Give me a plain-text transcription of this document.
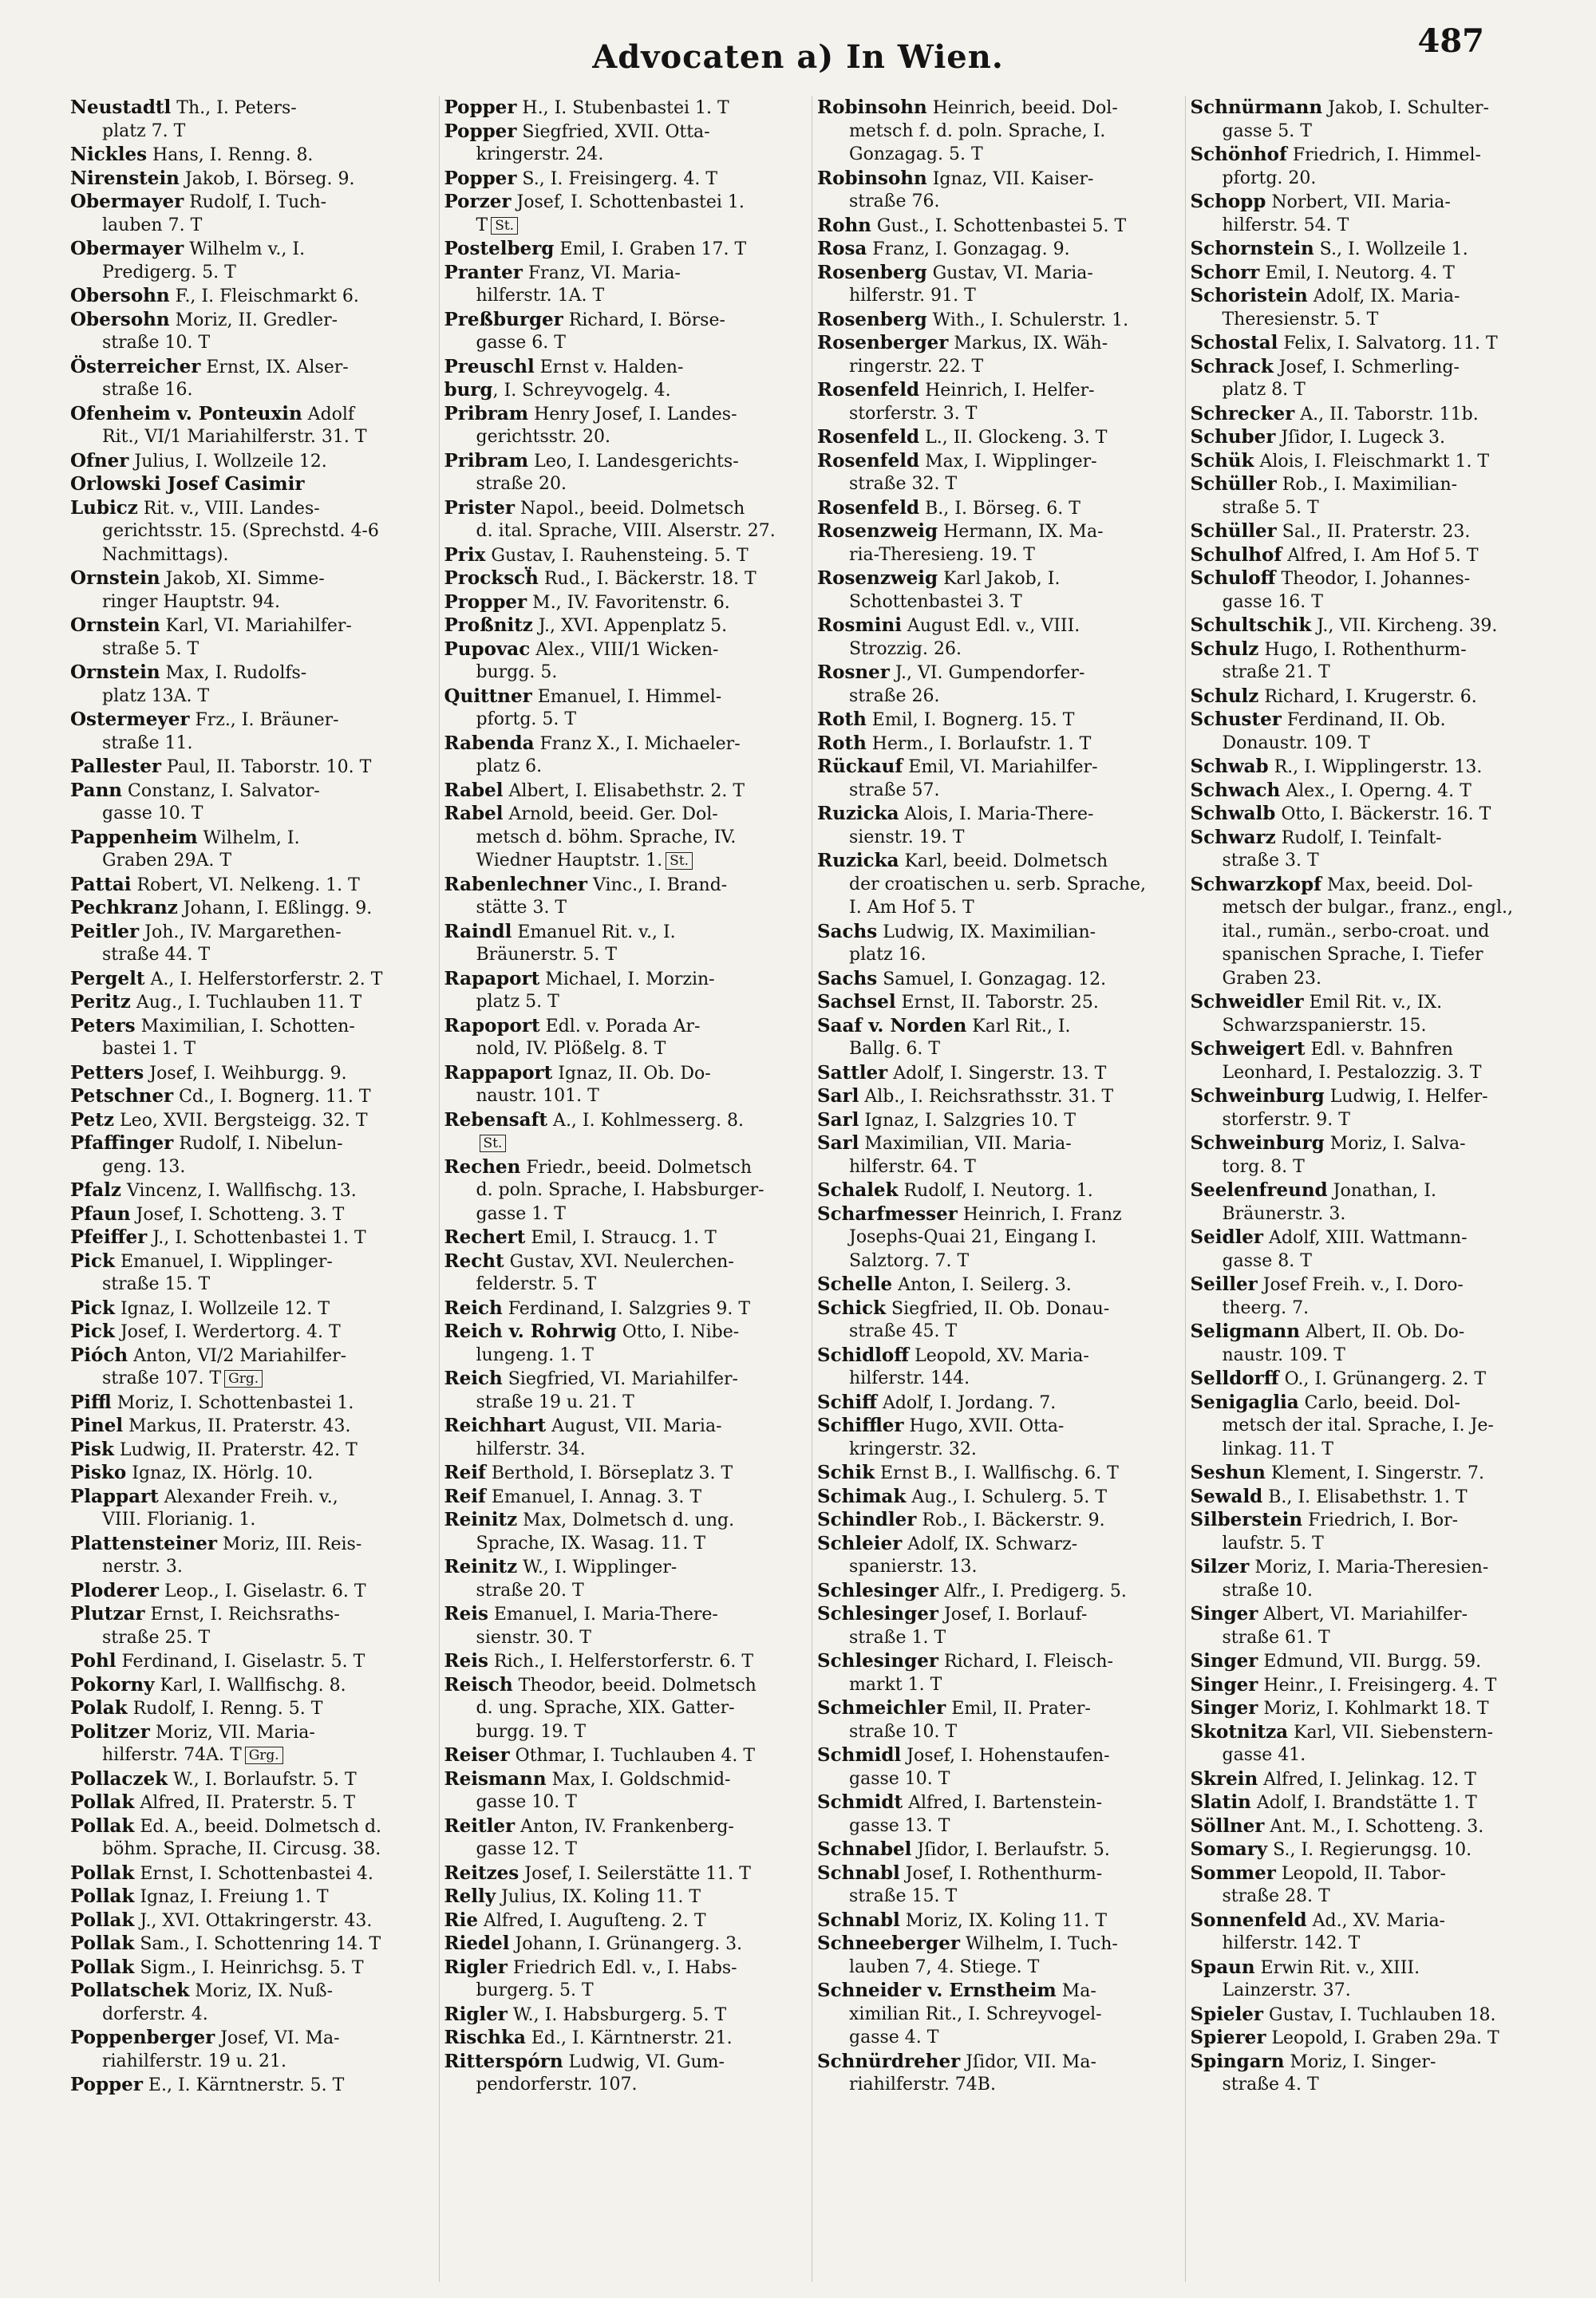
Advocaten a) In Wien.	487
Neustadtl Th., I. Peters-
platz 7. T
Nickles Hans, I. Renng. 8.
Nirenstein Jakob, I. Börseg. 9.
Obermayer Rudolf, I. Tuch-
lauben 7. T
Obermayer Wilhelm v., I.
Predigerg. 5. T
Obersohn F., I. Fleischmarkt 6.
Obersohn Moriz, II. Gredler-
straße 10. T
Österreicher Ernst, IX. Alser-
straße 16.
Ofenheim v. Ponteuxin Adolf
Rit., VI/1 Mariahilferstr. 31. T
Ofner Julius, I. Wollzeile 12.
Orlowski Josef Casimir
Lubicz Rit. v., VIII. Landes-
gerichtsstr. 15. (Sprechstd. 4-6
Nachmittags).
Ornstein Jakob, XI. Simme-
ringer Hauptstr. 94.
Ornstein Karl, VI. Mariahilfer-
straße 5. T
Ornstein Max, I. Rudolfs-
platz 13A. T
Ostermeyer Frz., I. Bräuner-
straße 11.
Pallester Paul, II. Taborstr. 10. T
Pann Constanz, I. Salvator-
gasse 10. T
Pappenheim Wilhelm, I.
Graben 29A. T
Pattai Robert, VI. Nelkeng. 1. T
Pechkranz Johann, I. Eßlingg. 9.
Peitler Joh., IV. Margarethen-
straße 44. T
Pergelt A., I. Helferstorferstr. 2. T
Peritz Aug., I. Tuchlauben 11. T
Peters Maximilian, I. Schotten-
bastei 1. T
Petters Josef, I. Weihburgg. 9.
Petschner Cd., I. Bognerg. 11. T
Petz Leo, XVII. Bergsteigg. 32. T
Pfaffinger Rudolf, I. Nibelun-
geng. 13.
Pfalz Vincenz, I. Wallfischg. 13.
Pfaun Josef, I. Schotteng. 3. T
Pfeiffer J., I. Schottenbastei 1. T
Pick Emanuel, I. Wipplinger-
straße 15. T
Pick Ignaz, I. Wollzeile 12. T
Pick Josef, I. Werdertorg. 4. T
Pióch Anton, VI/2 Mariahilfer-
straße 107. T Grg.
Piffl Moriz, I. Schottenbastei 1.
Pinel Markus, II. Praterstr. 43.
Pisk Ludwig, II. Praterstr. 42. T
Pisko Ignaz, IX. Hörlg. 10.
Plappart Alexander Freih. v.,
VIII. Florianig. 1.
Plattensteiner Moriz, III. Reis-
nerstr. 3.
Ploderer Leop., I. Giselastr. 6. T
Plutzar Ernst, I. Reichsraths-
straße 25. T
Pohl Ferdinand, I. Giselastr. 5. T
Pokorny Karl, I. Wallfischg. 8.
Polak Rudolf, I. Renng. 5. T
Politzer Moriz, VII. Maria-
hilferstr. 74A. T Grg.
Pollaczek W., I. Borlaufstr. 5. T
Pollak Alfred, II. Praterstr. 5. T
Pollak Ed. A., beeid. Dolmetsch d.
böhm. Sprache, II. Circusg. 38.
Pollak Ernst, I. Schottenbastei 4.
Pollak Ignaz, I. Freiung 1. T
Pollak J., XVI. Ottakringerstr. 43.
Pollak Sam., I. Schottenring 14. T
Pollak Sigm., I. Heinrichsg. 5. T
Pollatschek Moriz, IX. Nuß-
dorferstr. 4.
Poppenberger Josef, VI. Ma-
riahilferstr. 19 u. 21.
Popper E., I. Kärntnerstr. 5. T
Popper H., I. Stubenbastei 1. T
Popper Siegfried, XVII. Otta-
kringerstr. 24.
Popper S., I. Freisingerg. 4. T
Porzer Josef, I. Schottenbastei 1.
T St.
Postelberg Emil, I. Graben 17. T
Pranter Franz, VI. Maria-
hilferstr. 1A. T
Preßburger Richard, I. Börse-
gasse 6. T
Preuschl Ernst v. Halden-
burg, I. Schreyvogelg. 4.
Pribram Henry Josef, I. Landes-
gerichtsstr. 20.
Pribram Leo, I. Landesgerichts-
straße 20.
Prister Napol., beeid. Dolmetsch
d. ital. Sprache, VIII. Alserstr. 27.
Prix Gustav, I. Rauhensteing. 5. T
Prockscḧ Rud., I. Bäckerstr. 18. T
Propper M., IV. Favoritenstr. 6.
Proßnitz J., XVI. Appenplatz 5.
Pupovac Alex., VIII/1 Wicken-
burgg. 5.
Quittner Emanuel, I. Himmel-
pfortg. 5. T
Rabenda Franz X., I. Michaeler-
platz 6.
Rabel Albert, I. Elisabethstr. 2. T
Rabel Arnold, beeid. Ger. Dol-
metsch d. böhm. Sprache, IV.
Wiedner Hauptstr. 1. St.
Rabenlechner Vinc., I. Brand-
stätte 3. T
Raindl Emanuel Rit. v., I.
Bräunerstr. 5. T
Rapaport Michael, I. Morzin-
platz 5. T
Rapoport Edl. v. Porada Ar-
nold, IV. Plößelg. 8. T
Rappaport Ignaz, II. Ob. Do-
naustr. 101. T
Rebensaft A., I. Kohlmesserg. 8.
St.
Rechen Friedr., beeid. Dolmetsch
d. poln. Sprache, I. Habsburger-
gasse 1. T
Rechert Emil, I. Straucg. 1. T
Recht Gustav, XVI. Neulerchen-
felderstr. 5. T
Reich Ferdinand, I. Salzgries 9. T
Reich v. Rohrwig Otto, I. Nibe-
lungeng. 1. T
Reich Siegfried, VI. Mariahilfer-
straße 19 u. 21. T
Reichhart August, VII. Maria-
hilferstr. 34.
Reif Berthold, I. Börseplatz 3. T
Reif Emanuel, I. Annag. 3. T
Reinitz Max, Dolmetsch d. ung.
Sprache, IX. Wasag. 11. T
Reinitz W., I. Wipplinger-
straße 20. T
Reis Emanuel, I. Maria-There-
sienstr. 30. T
Reis Rich., I. Helferstorferstr. 6. T
Reisch Theodor, beeid. Dolmetsch
d. ung. Sprache, XIX. Gatter-
burgg. 19. T
Reiser Othmar, I. Tuchlauben 4. T
Reismann Max, I. Goldschmid-
gasse 10. T
Reitler Anton, IV. Frankenberg-
gasse 12. T
Reitzes Josef, I. Seilerstätte 11. T
Relly Julius, IX. Koling 11. T
Rie Alfred, I. Auguſteng. 2. T
Riedel Johann, I. Grünangerg. 3.
Rigler Friedrich Edl. v., I. Habs-
burgerg. 5. T
Rigler W., I. Habsburgerg. 5. T
Rischka Ed., I. Kärntnerstr. 21.
Ritterspórn Ludwig, VI. Gum-
pendorferstr. 107.
Robinsohn Heinrich, beeid. Dol-
metsch f. d. poln. Sprache, I.
Gonzagag. 5. T
Robinsohn Ignaz, VII. Kaiser-
straße 76.
Rohn Gust., I. Schottenbastei 5. T
Rosa Franz, I. Gonzagag. 9.
Rosenberg Gustav, VI. Maria-
hilferstr. 91. T
Rosenberg With., I. Schulerstr. 1.
Rosenberger Markus, IX. Wäh-
ringerstr. 22. T
Rosenfeld Heinrich, I. Helfer-
storferstr. 3. T
Rosenfeld L., II. Glockeng. 3. T
Rosenfeld Max, I. Wipplinger-
straße 32. T
Rosenfeld B., I. Börseg. 6. T
Rosenzweig Hermann, IX. Ma-
ria-Theresieng. 19. T
Rosenzweig Karl Jakob, I.
Schottenbastei 3. T
Rosmini August Edl. v., VIII.
Strozzig. 26.
Rosner J., VI. Gumpendorfer-
straße 26.
Roth Emil, I. Bognerg. 15. T
Roth Herm., I. Borlaufstr. 1. T
Rückauf Emil, VI. Mariahilfer-
straße 57.
Ruzicka Alois, I. Maria-There-
sienstr. 19. T
Ruzicka Karl, beeid. Dolmetsch
der croatischen u. serb. Sprache,
I. Am Hof 5. T
Sachs Ludwig, IX. Maximilian-
platz 16.
Sachs Samuel, I. Gonzagag. 12.
Sachsel Ernst, II. Taborstr. 25.
Saaf v. Norden Karl Rit., I.
Ballg. 6. T
Sattler Adolf, I. Singerstr. 13. T
Sarl Alb., I. Reichsrathsstr. 31. T
Sarl Ignaz, I. Salzgries 10. T
Sarl Maximilian, VII. Maria-
hilferstr. 64. T
Schalek Rudolf, I. Neutorg. 1.
Scharfmesser Heinrich, I. Franz
Josephs-Quai 21, Eingang I.
Salztorg. 7. T
Schelle Anton, I. Seilerg. 3.
Schick Siegfried, II. Ob. Donau-
straße 45. T
Schidloff Leopold, XV. Maria-
hilferstr. 144.
Schiff Adolf, I. Jordang. 7.
Schiffler Hugo, XVII. Otta-
kringerstr. 32.
Schik Ernst B., I. Wallfischg. 6. T
Schimak Aug., I. Schulerg. 5. T
Schindler Rob., I. Bäckerstr. 9.
Schleier Adolf, IX. Schwarz-
spanierstr. 13.
Schlesinger Alfr., I. Predigerg. 5.
Schlesinger Josef, I. Borlauf-
straße 1. T
Schlesinger Richard, I. Fleisch-
markt 1. T
Schmeichler Emil, II. Prater-
straße 10. T
Schmidl Josef, I. Hohenstaufen-
gasse 10. T
Schmidt Alfred, I. Bartenstein-
gasse 13. T
Schnabel Jſidor, I. Berlaufstr. 5.
Schnabl Josef, I. Rothenthurm-
straße 15. T
Schnabl Moriz, IX. Koling 11. T
Schneeberger Wilhelm, I. Tuch-
lauben 7, 4. Stiege. T
Schneider v. Ernstheim Ma-
ximilian Rit., I. Schreyvogel-
gasse 4. T
Schnürdreher Jſidor, VII. Ma-
riahilferstr. 74B.
Schnürmann Jakob, I. Schulter-
gasse 5. T
Schönhof Friedrich, I. Himmel-
pfortg. 20.
Schopp Norbert, VII. Maria-
hilferstr. 54. T
Schornstein S., I. Wollzeile 1.
Schorr Emil, I. Neutorg. 4. T
Schoristein Adolf, IX. Maria-
Theresienstr. 5. T
Schostal Felix, I. Salvatorg. 11. T
Schrack Josef, I. Schmerling-
platz 8. T
Schrecker A., II. Taborstr. 11b.
Schuber Jſidor, I. Lugeck 3.
Schük Alois, I. Fleischmarkt 1. T
Schüller Rob., I. Maximilian-
straße 5. T
Schüller Sal., II. Praterstr. 23.
Schulhof Alfred, I. Am Hof 5. T
Schuloff Theodor, I. Johannes-
gasse 16. T
Schultschik J., VII. Kircheng. 39.
Schulz Hugo, I. Rothenthurm-
straße 21. T
Schulz Richard, I. Krugerstr. 6.
Schuster Ferdinand, II. Ob.
Donaustr. 109. T
Schwab R., I. Wipplingerstr. 13.
Schwach Alex., I. Operng. 4. T
Schwalb Otto, I. Bäckerstr. 16. T
Schwarz Rudolf, I. Teinfalt-
straße 3. T
Schwarzkopf Max, beeid. Dol-
metsch der bulgar., franz., engl.,
ital., rumän., serbo-croat. und
spanischen Sprache, I. Tiefer
Graben 23.
Schweidler Emil Rit. v., IX.
Schwarzspanierstr. 15.
Schweigert Edl. v. Bahnfren
Leonhard, I. Pestalozzig. 3. T
Schweinburg Ludwig, I. Helfer-
storferstr. 9. T
Schweinburg Moriz, I. Salva-
torg. 8. T
Seelenfreund Jonathan, I.
Bräunerstr. 3.
Seidler Adolf, XIII. Wattmann-
gasse 8. T
Seiller Josef Freih. v., I. Doro-
theerg. 7.
Seligmann Albert, II. Ob. Do-
naustr. 109. T
Selldorff O., I. Grünangerg. 2. T
Senigaglia Carlo, beeid. Dol-
metsch der ital. Sprache, I. Je-
linkag. 11. T
Seshun Klement, I. Singerstr. 7.
Sewald B., I. Elisabethstr. 1. T
Silberstein Friedrich, I. Bor-
laufstr. 5. T
Silzer Moriz, I. Maria-Theresien-
straße 10.
Singer Albert, VI. Mariahilfer-
straße 61. T
Singer Edmund, VII. Burgg. 59.
Singer Heinr., I. Freisingerg. 4. T
Singer Moriz, I. Kohlmarkt 18. T
Skotnitza Karl, VII. Siebenstern-
gasse 41.
Skrein Alfred, I. Jelinkag. 12. T
Slatin Adolf, I. Brandstätte 1. T
Söllner Ant. M., I. Schotteng. 3.
Somary S., I. Regierungsg. 10.
Sommer Leopold, II. Tabor-
straße 28. T
Sonnenfeld Ad., XV. Maria-
hilferstr. 142. T
Spaun Erwin Rit. v., XIII.
Lainzerstr. 37.
Spieler Gustav, I. Tuchlauben 18.
Spierer Leopold, I. Graben 29a. T
Spingarn Moriz, I. Singer-
straße 4. T
